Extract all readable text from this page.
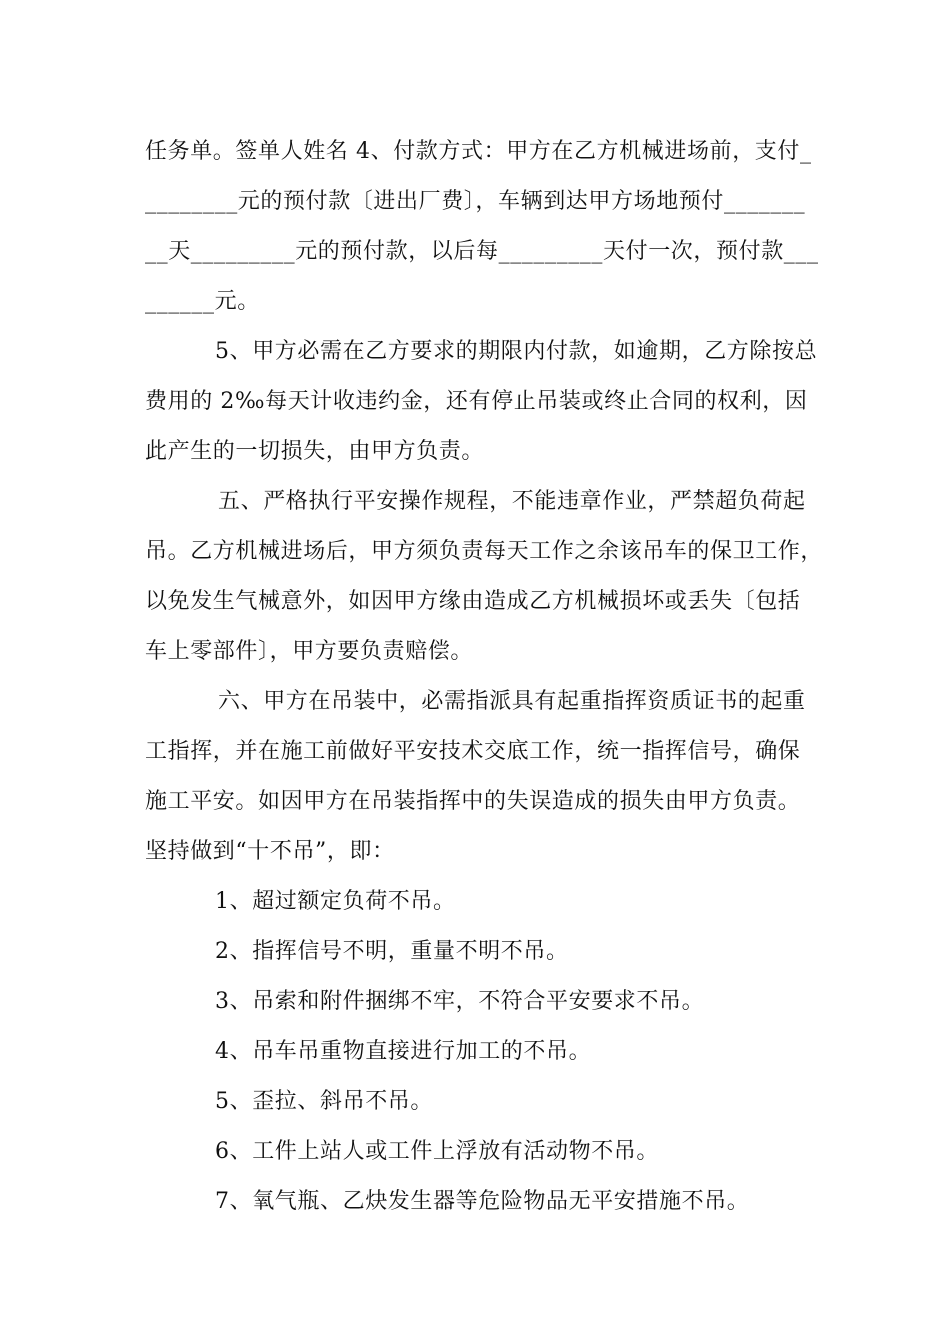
任务单。签单人姓名 4、付款方式：甲方在乙方机械进场前，支付_
________元的预付款〔进出厂费〕，车辆到达甲方场地预付_______
__天_________元的预付款，以后每_________天付一次，预付款___
______元。
5、甲方必需在乙方要求的期限内付款，如逾期，乙方除按总
费用的 2‰每天计收违约金，还有停止吊装或终止合同的权利，因
此产生的一切损失，由甲方负责。
五、严格执行平安操作规程，不能违章作业，严禁超负荷起
吊。乙方机械进场后，甲方须负责每天工作之余该吊车的保卫工作，
以免发生气械意外，如因甲方缘由造成乙方机械损坏或丢失〔包括
车上零部件〕，甲方要负责赔偿。
六、甲方在吊装中，必需指派具有起重指挥资质证书的起重
工指挥，并在施工前做好平安技术交底工作，统一指挥信号，确保
施工平安。如因甲方在吊装指挥中的失误造成的损失由甲方负责。
坚持做到“十不吊”，即：
1、超过额定负荷不吊。
2、指挥信号不明，重量不明不吊。
3、吊索和附件捆绑不牢，不符合平安要求不吊。
4、吊车吊重物直接进行加工的不吊。
5、歪拉、斜吊不吊。
6、工件上站人或工件上浮放有活动物不吊。
7、氧气瓶、乙炔发生器等危险物品无平安措施不吊。
